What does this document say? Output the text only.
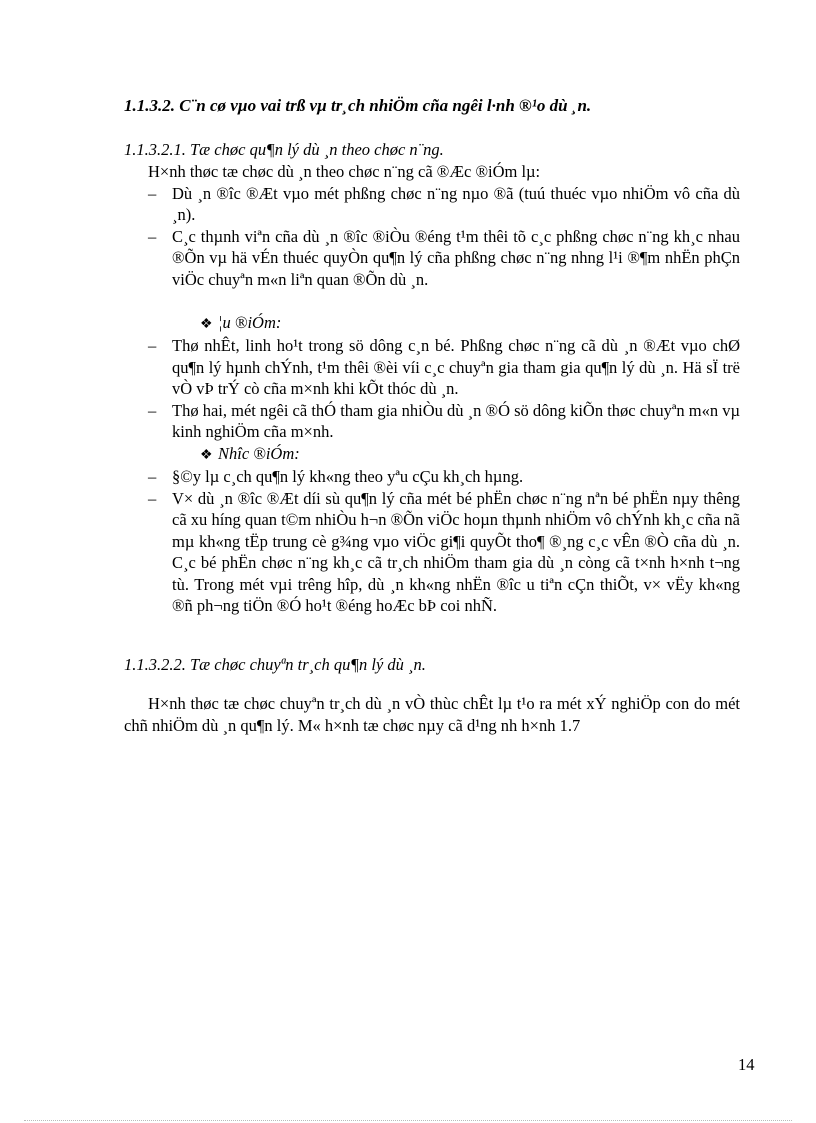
1.1.3.2. C¨n cø vµo vai trß vµ tr¸ch nhiÖm cña ngêi l·nh ®¹o dù ¸n.
1.1.3.2.1. Tæ chøc qu¶n lý dù ¸n theo chøc n¨ng.
H×nh thøc tæ chøc dù ¸n theo chøc n¨ng cã ®Æc ®iÓm lµ:
– Dù ¸n ®îc ®Æt vµo mét phßng chøc n¨ng nµo ®ã (tuú thuéc vµo nhiÖm vô cña dù ¸n).
– C¸c thµnh viªn cña dù ¸n ®îc ®iÒu ®éng t¹m thêi tõ c¸c phßng chøc n¨ng kh¸c nhau ®Õn vµ hä vÉn thuéc quyÒn qu¶n lý cña phßng chøc n¨ng nhng l¹i ®¶m nhËn phÇn viÖc chuyªn m«n liªn quan ®Õn dù ¸n.
❖ ¦u ®iÓm:
– Thø nhÊt, linh ho¹t trong sö dông c¸n bé. Phßng chøc n¨ng cã dù ¸n ®Æt vµo chØ qu¶n lý hµnh chÝnh, t¹m thêi ®èi víi c¸c chuyªn gia tham gia qu¶n lý dù ¸n. Hä sÏ trë vÒ vÞ trÝ cò cña m×nh khi kÕt thóc dù ¸n.
– Thø hai, mét ngêi cã thÓ tham gia nhiÒu dù ¸n ®Ó sö dông kiÕn thøc chuyªn m«n vµ kinh nghiÖm cña m×nh.
❖ Nhîc ®iÓm:
– §©y lµ c¸ch qu¶n lý kh«ng theo yªu cÇu kh¸ch hµng.
– V× dù ¸n ®îc ®Æt díi sù qu¶n lý cña mét bé phËn chøc n¨ng nªn bé phËn nµy thêng cã xu híng quan t©m nhiÒu h¬n ®Õn viÖc hoµn thµnh nhiÖm vô chÝnh kh¸c cña nã mµ kh«ng tËp trung cè g¾ng vµo viÖc gi¶i quyÕt tho¶ ®¸ng c¸c vÊn ®Ò cña dù ¸n. C¸c bé phËn chøc n¨ng kh¸c cã tr¸ch nhiÖm tham gia dù ¸n còng cã t×nh h×nh t¬ng tù. Trong mét vµi trêng hîp, dù ¸n kh«ng nhËn ®îc u tiªn cÇn thiÕt, v× vËy kh«ng ®ñ ph¬ng tiÖn ®Ó ho¹t ®éng hoÆc bÞ coi nhÑ.
1.1.3.2.2. Tæ chøc chuyªn tr¸ch qu¶n lý dù ¸n.
H×nh thøc tæ chøc chuyªn tr¸ch dù ¸n vÒ thùc chÊt lµ t¹o ra mét xÝ nghiÖp con do mét chñ nhiÖm dù ¸n qu¶n lý. M« h×nh tæ chøc nµy cã d¹ng nh h×nh 1.7
14
